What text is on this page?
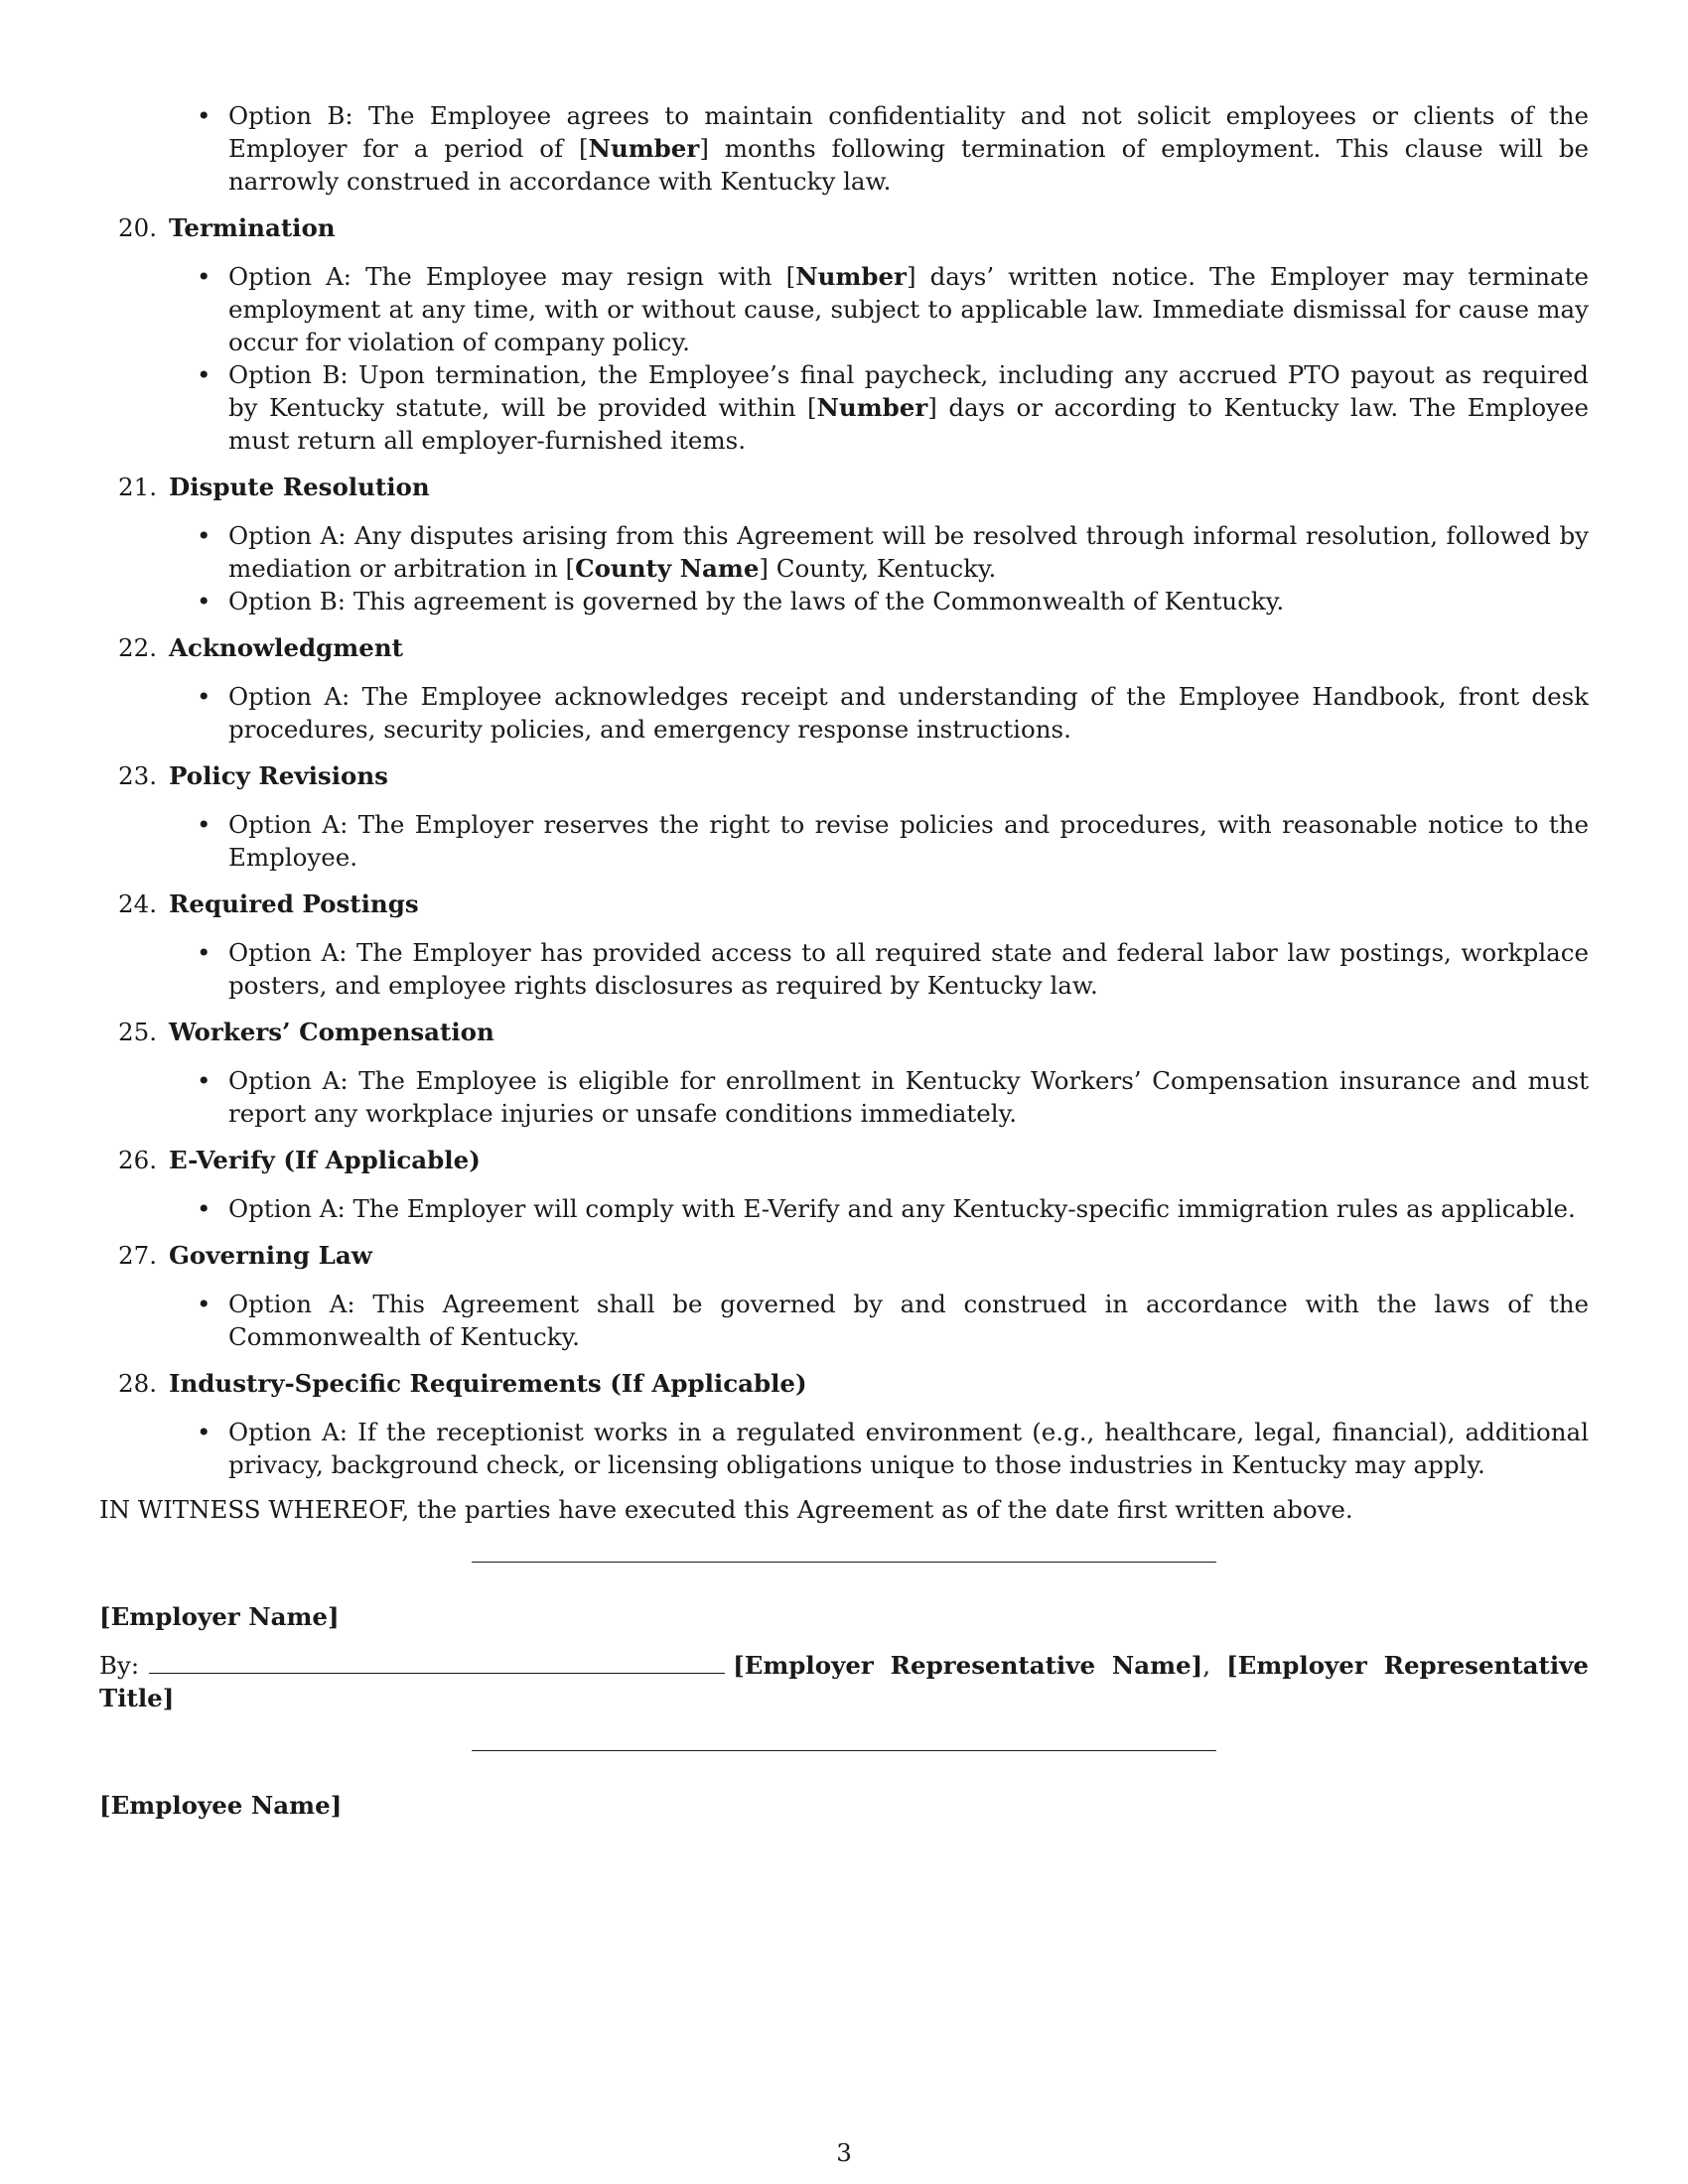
• Option B: The Employee agrees to maintain confidentiality and not solicit employees or clients of the Employer for a period of [Number] months following termination of employment. This clause will be narrowly construed in accordance with Kentucky law.
20. Termination
• Option A: The Employee may resign with [Number] days’ written notice. The Employer may terminate employment at any time, with or without cause, subject to applicable law. Immediate dismissal for cause may occur for violation of company policy.
• Option B: Upon termination, the Employee’s final paycheck, including any accrued PTO payout as required by Kentucky statute, will be provided within [Number] days or according to Kentucky law. The Employee must return all employer-furnished items.
21. Dispute Resolution
• Option A: Any disputes arising from this Agreement will be resolved through informal resolution, followed by mediation or arbitration in [County Name] County, Kentucky.
• Option B: This agreement is governed by the laws of the Commonwealth of Kentucky.
22. Acknowledgment
• Option A: The Employee acknowledges receipt and understanding of the Employee Handbook, front desk procedures, security policies, and emergency response instructions.
23. Policy Revisions
• Option A: The Employer reserves the right to revise policies and procedures, with reasonable notice to the Employee.
24. Required Postings
• Option A: The Employer has provided access to all required state and federal labor law postings, workplace posters, and employee rights disclosures as required by Kentucky law.
25. Workers’ Compensation
• Option A: The Employee is eligible for enrollment in Kentucky Workers’ Compensation insurance and must report any workplace injuries or unsafe conditions immediately.
26. E-Verify (If Applicable)
• Option A: The Employer will comply with E-Verify and any Kentucky-specific immigration rules as applicable.
27. Governing Law
• Option A: This Agreement shall be governed by and construed in accordance with the laws of the Commonwealth of Kentucky.
28. Industry-Specific Requirements (If Applicable)
• Option A: If the receptionist works in a regulated environment (e.g., healthcare, legal, financial), additional privacy, background check, or licensing obligations unique to those industries in Kentucky may apply.
IN WITNESS WHEREOF, the parties have executed this Agreement as of the date first written above.
[Employer Name]
By:	[Employer Representative Name], [Employer Representative Title]
[Employee Name]
3
